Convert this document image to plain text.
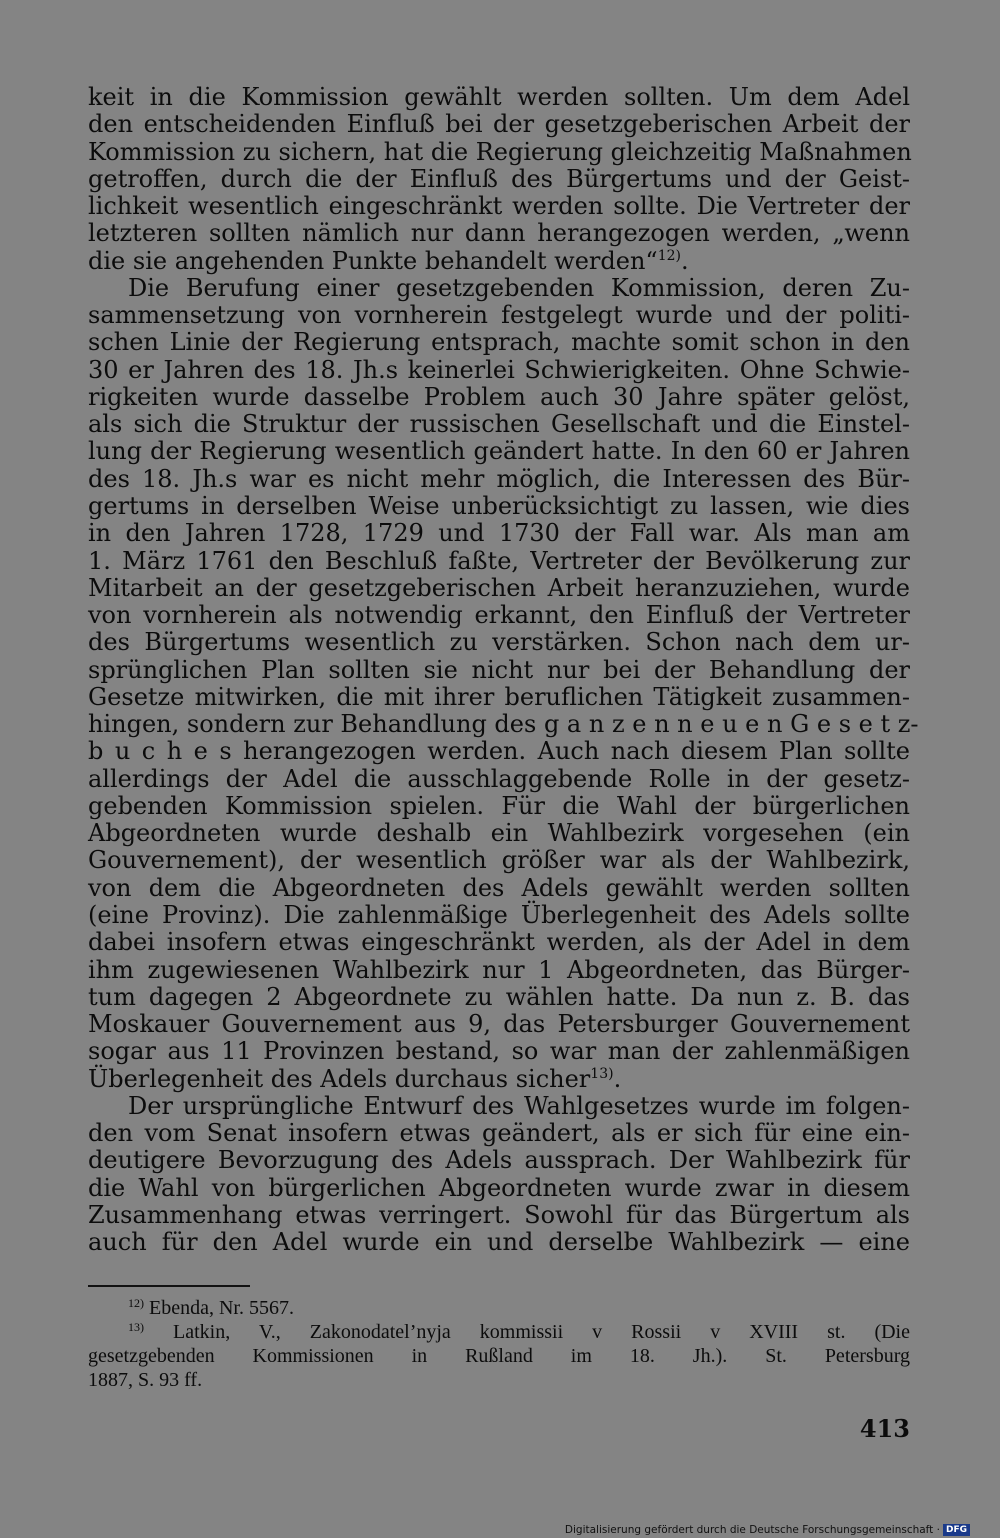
keit in die Kommission gewählt werden sollten. Um dem Adel
den entscheidenden Einfluß bei der gesetzgeberischen Arbeit der
Kommission zu sichern, hat die Regierung gleichzeitig Maßnahmen
getroffen, durch die der Einfluß des Bürgertums und der Geist-
lichkeit wesentlich eingeschränkt werden sollte. Die Vertreter der
letzteren sollten nämlich nur dann herangezogen werden, „wenn
die sie angehenden Punkte behandelt werden“$^{12)}$.
Die Berufung einer gesetzgebenden Kommission, deren Zu-
sammensetzung von vornherein festgelegt wurde und der politi-
schen Linie der Regierung entsprach, machte somit schon in den
30 er Jahren des 18. Jh.s keinerlei Schwierigkeiten. Ohne Schwie-
rigkeiten wurde dasselbe Problem auch 30 Jahre später gelöst,
als sich die Struktur der russischen Gesellschaft und die Einstel-
lung der Regierung wesentlich geändert hatte. In den 60 er Jahren
des 18. Jh.s war es nicht mehr möglich, die Interessen des Bür-
gertums in derselben Weise unberücksichtigt zu lassen, wie dies
in den Jahren 1728, 1729 und 1730 der Fall war. Als man am
1. März 1761 den Beschluß faßte, Vertreter der Bevölkerung zur
Mitarbeit an der gesetzgeberischen Arbeit heranzuziehen, wurde
von vornherein als notwendig erkannt, den Einfluß der Vertreter
des Bürgertums wesentlich zu verstärken. Schon nach dem ur-
sprünglichen Plan sollten sie nicht nur bei der Behandlung der
Gesetze mitwirken, die mit ihrer beruflichen Tätigkeit zusammen-
hingen, sondern zur Behandlung des g a n z e n n e u e n G e s e t z-
b u c h e s herangezogen werden. Auch nach diesem Plan sollte
allerdings der Adel die ausschlaggebende Rolle in der gesetz-
gebenden Kommission spielen. Für die Wahl der bürgerlichen
Abgeordneten wurde deshalb ein Wahlbezirk vorgesehen (ein
Gouvernement), der wesentlich größer war als der Wahlbezirk,
von dem die Abgeordneten des Adels gewählt werden sollten
(eine Provinz). Die zahlenmäßige Überlegenheit des Adels sollte
dabei insofern etwas eingeschränkt werden, als der Adel in dem
ihm zugewiesenen Wahlbezirk nur 1 Abgeordneten, das Bürger-
tum dagegen 2 Abgeordnete zu wählen hatte. Da nun z. B. das
Moskauer Gouvernement aus 9, das Petersburger Gouvernement
sogar aus 11 Provinzen bestand, so war man der zahlenmäßigen
Überlegenheit des Adels durchaus sicher$^{13)}$.
Der ursprüngliche Entwurf des Wahlgesetzes wurde im folgen-
den vom Senat insofern etwas geändert, als er sich für eine ein-
deutigere Bevorzugung des Adels aussprach. Der Wahlbezirk für
die Wahl von bürgerlichen Abgeordneten wurde zwar in diesem
Zusammenhang etwas verringert. Sowohl für das Bürgertum als
auch für den Adel wurde ein und derselbe Wahlbezirk — eine
$^{12)}$ Ebenda, Nr. 5567.
$^{13)}$ Latkin, V., Zakonodatel’nyja kommissii v Rossii v XVIII st. (Die
gesetzgebenden Kommissionen in Rußland im 18. Jh.). St. Petersburg
1887, S. 93 ff.
413
Digitalisierung gefördert durch die Deutsche Forschungsgemeinschaft · DFG
